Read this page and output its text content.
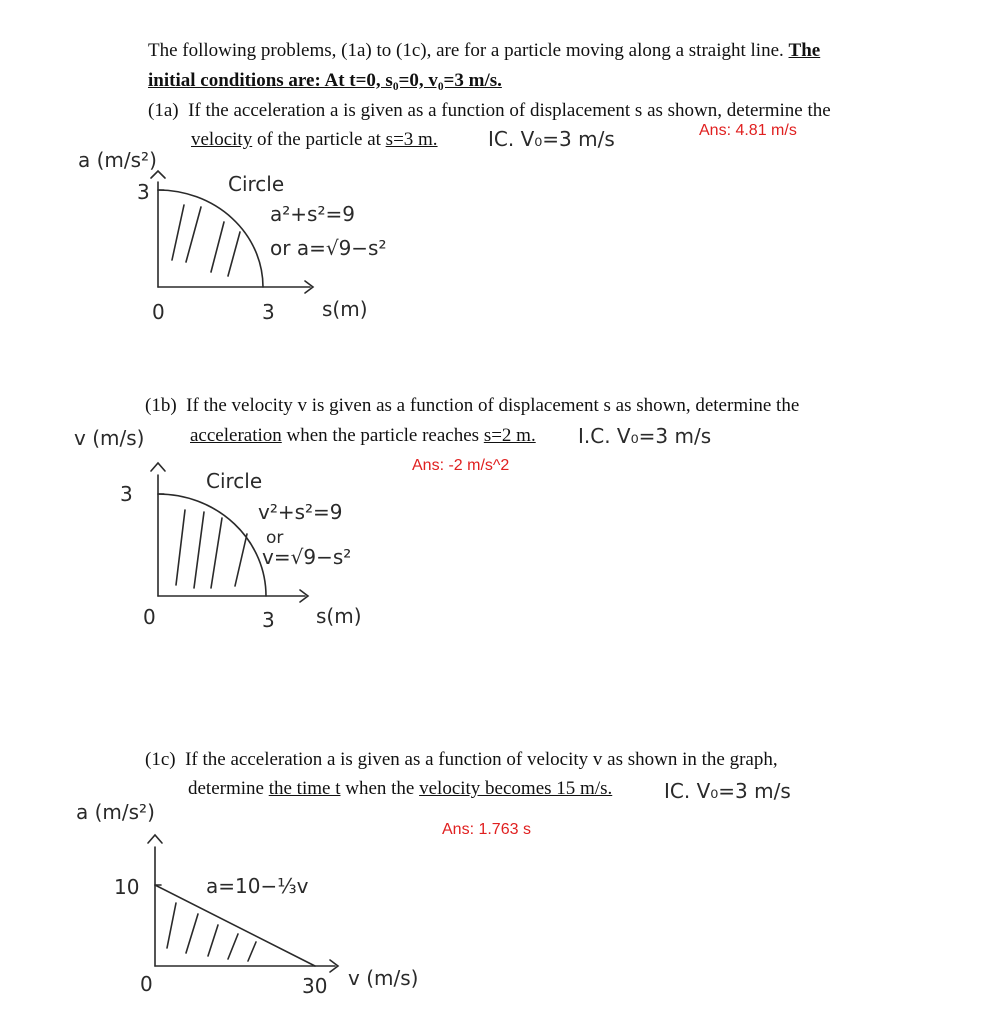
The following problems, (1a) to (1c), are for a particle moving along a straight line. The
initial conditions are: At t=0, s₀=0, v₀=3 m/s.
(1a) If the acceleration a is given as a function of displacement s as shown, determine the
velocity of the particle at s=3 m.	IC. V₀=3 m/s	Ans: 4.81 m/s
a (m/s²)
3
0	3 s(m)
Circle
a²+s²=9
or a=√9−s²
(1b) If the velocity v is given as a function of displacement s as shown, determine the
acceleration when the particle reaches s=2 m. I.C. V₀=3 m/s
Ans: -2 m/s^2
v (m/s)
3
0	3 s(m)
Circle
v²+s²=9
or
v=√9−s²
(1c) If the acceleration a is given as a function of velocity v as shown in the graph,
determine the time t when the velocity becomes 15 m/s.	IC. V₀=3 m/s
Ans: 1.763 s
a (m/s²)
10
0	30 v (m/s)
a=10−⅓v
